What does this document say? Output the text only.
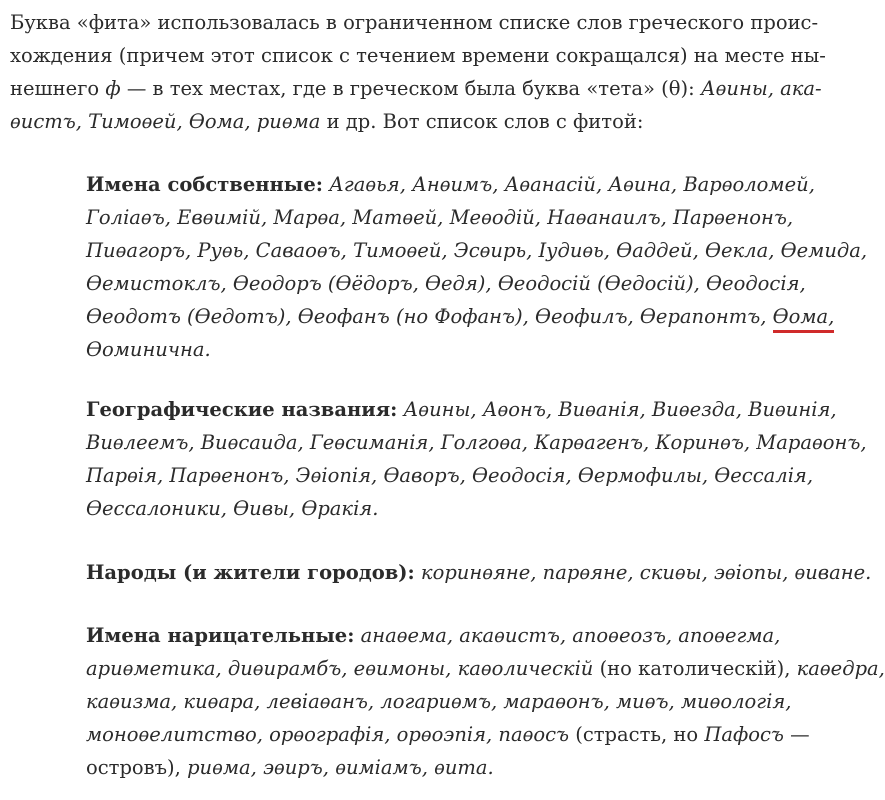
Буква «фита» использовалась в ограниченном списке слов греческого проис-
хождения (причем этот список с течением времени сокращался) на месте ны-
нешнего ф — в тех местах, где в греческом была буква «тета» (θ): Аѳины, ака-
ѳистъ, Тимоѳей, Ѳома, риѳма и др. Вот список слов с фитой:

Имена собственные: Агаѳья, Анѳимъ, Аѳанасій, Аѳина, Варѳоломей,
Голіаѳъ, Евѳимій, Марѳа, Матѳей, Меѳодій, Наѳанаилъ, Парѳенонъ,
Пиѳагоръ, Руѳь, Саваоѳъ, Тимоѳей, Эсѳирь, Іудиѳь, Ѳаддей, Ѳекла, Ѳемида,
Ѳемистоклъ, Ѳеодоръ (Ѳёдоръ, Ѳедя), Ѳеодосій (Ѳедосій), Ѳеодосія,
Ѳеодотъ (Ѳедотъ), Ѳеофанъ (но Фофанъ), Ѳеофилъ, Ѳерапонтъ, Ѳома,
Ѳоминична.

Географические названия: Аѳины, Аѳонъ, Виѳанія, Виѳезда, Виѳинія,
Виѳлеемъ, Виѳсаида, Геѳсиманія, Голгоѳа, Карѳагенъ, Коринѳъ, Мараѳонъ,
Парѳія, Парѳенонъ, Эѳіопія, Ѳаворъ, Ѳеодосія, Ѳермофилы, Ѳессалія,
Ѳессалоники, Ѳивы, Ѳракія.

Народы (и жители городов): коринѳяне, парѳяне, скиѳы, эѳіопы, ѳиване.

Имена нарицательные: анаѳема, акаѳистъ, апоѳеозъ, апоѳегма,
ариѳметика, диѳирамбъ, еѳимоны, каѳолическій (но католическій), каѳедра,
каѳизма, киѳара, левіаѳанъ, логариѳмъ, мараѳонъ, миѳъ, миѳологія,
моноѳелитство, орѳографія, орѳоэпія, паѳосъ (страсть, но Пафосъ —
островъ), риѳма, эѳиръ, ѳиміамъ, ѳита.
